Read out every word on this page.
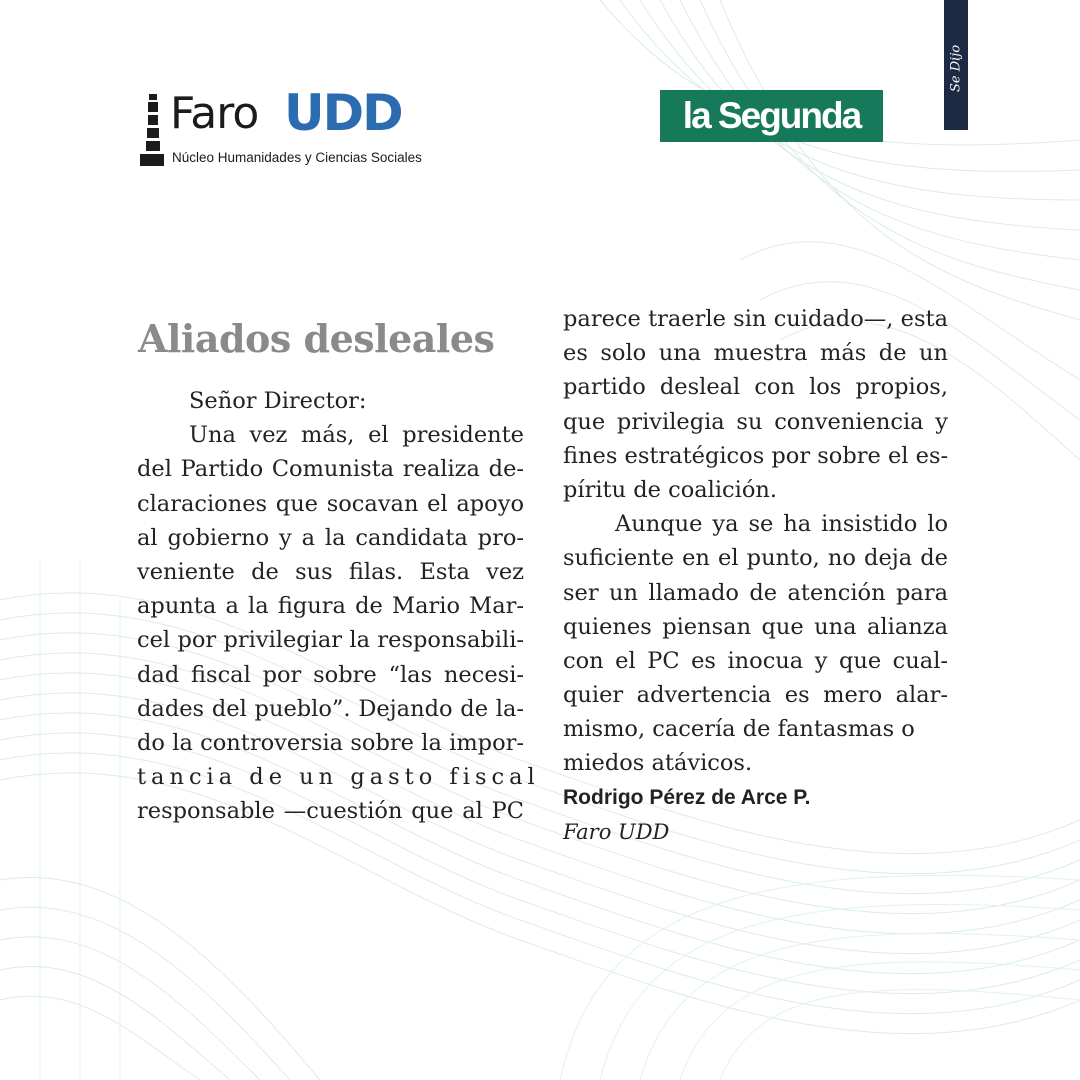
Se Dijo
Faro UDD
Núcleo Humanidades y Ciencias Sociales
la Segunda
Aliados desleales
Señor Director:
Una vez más, el presidente
del Partido Comunista realiza de-
claraciones que socavan el apoyo
al gobierno y a la candidata pro-
veniente de sus filas. Esta vez
apunta a la figura de Mario Mar-
cel por privilegiar la responsabili-
dad fiscal por sobre “las necesi-
dades del pueblo”. Dejando de la-
do la controversia sobre la impor-
tancia de un gasto fiscal
responsable —cuestión que al PC
parece traerle sin cuidado—, esta
es solo una muestra más de un
partido desleal con los propios,
que privilegia su conveniencia y
fines estratégicos por sobre el es-
píritu de coalición.
Aunque ya se ha insistido lo
suficiente en el punto, no deja de
ser un llamado de atención para
quienes piensan que una alianza
con el PC es inocua y que cual-
quier advertencia es mero alar-
mismo, cacería de fantasmas o
miedos atávicos.
Rodrigo Pérez de Arce P.
Faro UDD
